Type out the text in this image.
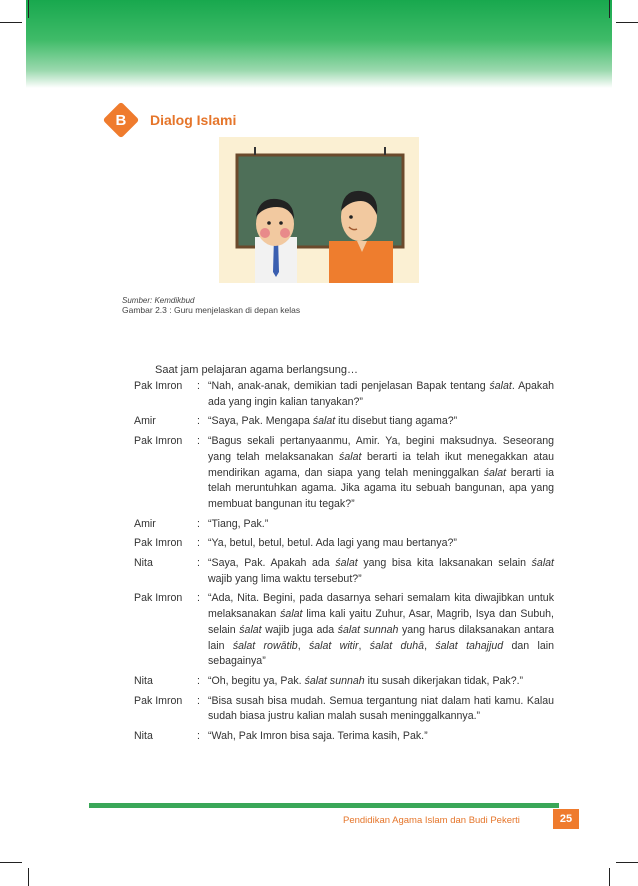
B Dialog Islami
Sumber: Kemdikbud
Gambar 2.3 : Guru menjelaskan di depan kelas
Saat jam pelajaran agama berlangsung…
Pak Imron	: “Nah, anak-anak, demikian tadi penjelasan Bapak tentang śalat. Apakah ada yang ingin kalian tanyakan?”
Amir	: “Saya, Pak. Mengapa śalat itu disebut tiang agama?”
Pak Imron	: “Bagus sekali pertanyaanmu, Amir. Ya, begini maksudnya. Seseorang yang telah melaksanakan śalat berarti ia telah ikut menegakkan atau mendirikan agama, dan siapa yang telah meninggalkan śalat berarti ia telah meruntuhkan agama. Jika agama itu sebuah bangunan, apa yang membuat bangunan itu tegak?”
Amir	: “Tiang, Pak.”
Pak Imron	: “Ya, betul, betul, betul. Ada lagi yang mau bertanya?”
Nita	: “Saya, Pak. Apakah ada śalat yang bisa kita laksanakan selain śalat wajib yang lima waktu tersebut?”
Pak Imron	: “Ada, Nita. Begini, pada dasarnya sehari semalam kita diwajibkan untuk melaksanakan śalat lima kali yaitu Zuhur, Asar, Magrib, Isya dan Subuh, selain śalat wajib juga ada śalat sunnah yang harus dilaksanakan antara lain śalat rowātib, śalat witir, śalat duhā, śalat tahajjud dan lain sebagainya”
Nita	: “Oh, begitu ya, Pak. śalat sunnah itu susah dikerjakan tidak, Pak?.”
Pak Imron	: “Bisa susah bisa mudah. Semua tergantung niat dalam hati kamu. Kalau sudah biasa justru kalian malah susah meninggalkannya.”
Nita	: “Wah, Pak Imron bisa saja. Terima kasih, Pak.”
Pendidikan Agama Islam dan Budi Pekerti	25
